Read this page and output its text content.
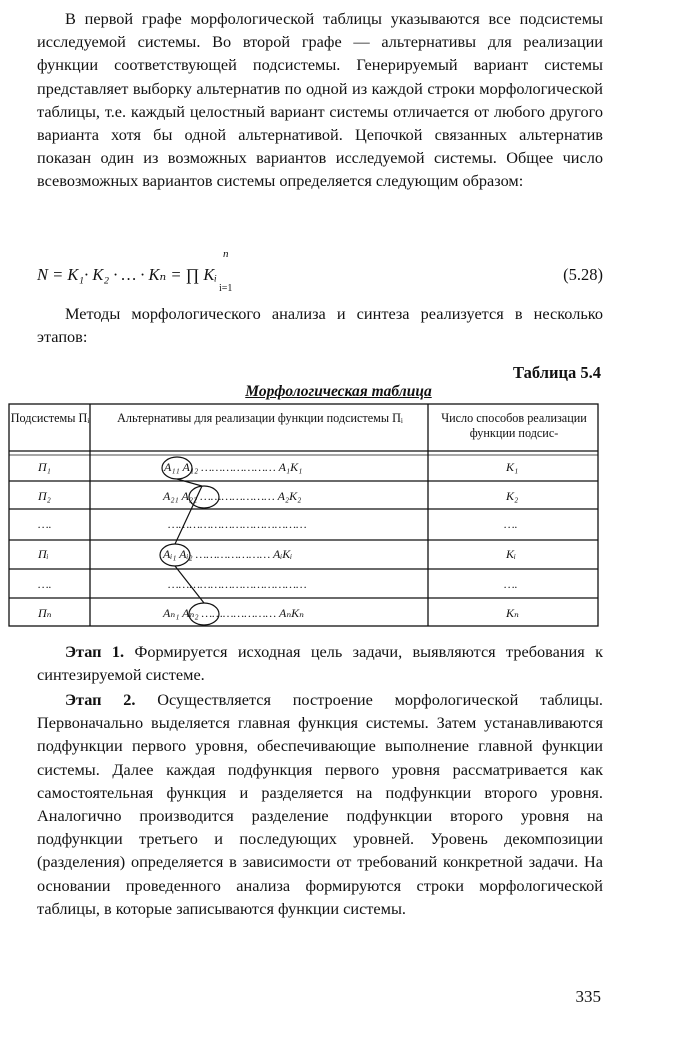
В первой графе морфологической таблицы указываются все подсистемы исследуемой системы. Во второй графе — альтернативы для реализации функции соответствующей подсистемы. Генерируемый вариант системы представляет выборку альтернатив по одной из каждой строки морфологической таблицы, т.е. каждый целостный вариант системы отличается от любого другого варианта хотя бы одной альтернативой. Цепочкой связанных альтернатив показан один из возможных вариантов исследуемой системы. Общее число всевозможных вариантов системы определяется следующим образом:

N = K₁· K₂ · … · Kₙ = ∏ Kᵢ
n
i=1
(5.28)

Методы морфологического анализа и синтеза реализуется в несколько этапов:

Таблица 5.4
Морфологическая таблица
Подсистемы Пᵢ	Альтернативы для реализации функции подсистемы Пᵢ	Число способов реализации функции подсис-
П₁	A₁₁ A₁₂ ………………… A₁K₁	K₁
П₂	A₂₁ A₂₂ ………………… A₂K₂	K₂
….	…………………………………	….
Пᵢ	Aᵢ₁ Aᵢ₂ ………………… AᵢKᵢ	Kᵢ
….	…………………………………	….
Пₙ	Aₙ₁ Aₙ₂ ………………… AₙKₙ	Kₙ

Этап 1. Формируется исходная цель задачи, выявляются требования к синтезируемой системе.

Этап 2. Осуществляется построение морфологической таблицы. Первоначально выделяется главная функция системы. Затем устанавливаются подфункции первого уровня, обеспечивающие выполнение главной функции системы. Далее каждая подфункция первого уровня рассматривается как самостоятельная функция и разделяется на подфункции второго уровня. Аналогично производится разделение подфункции второго уровня на подфункции третьего и последующих уровней. Уровень декомпозиции (разделения) определяется в зависимости от требований конкретной задачи. На основании проведенного анализа формируются строки морфологической таблицы, в которые записываются функции системы.

335
